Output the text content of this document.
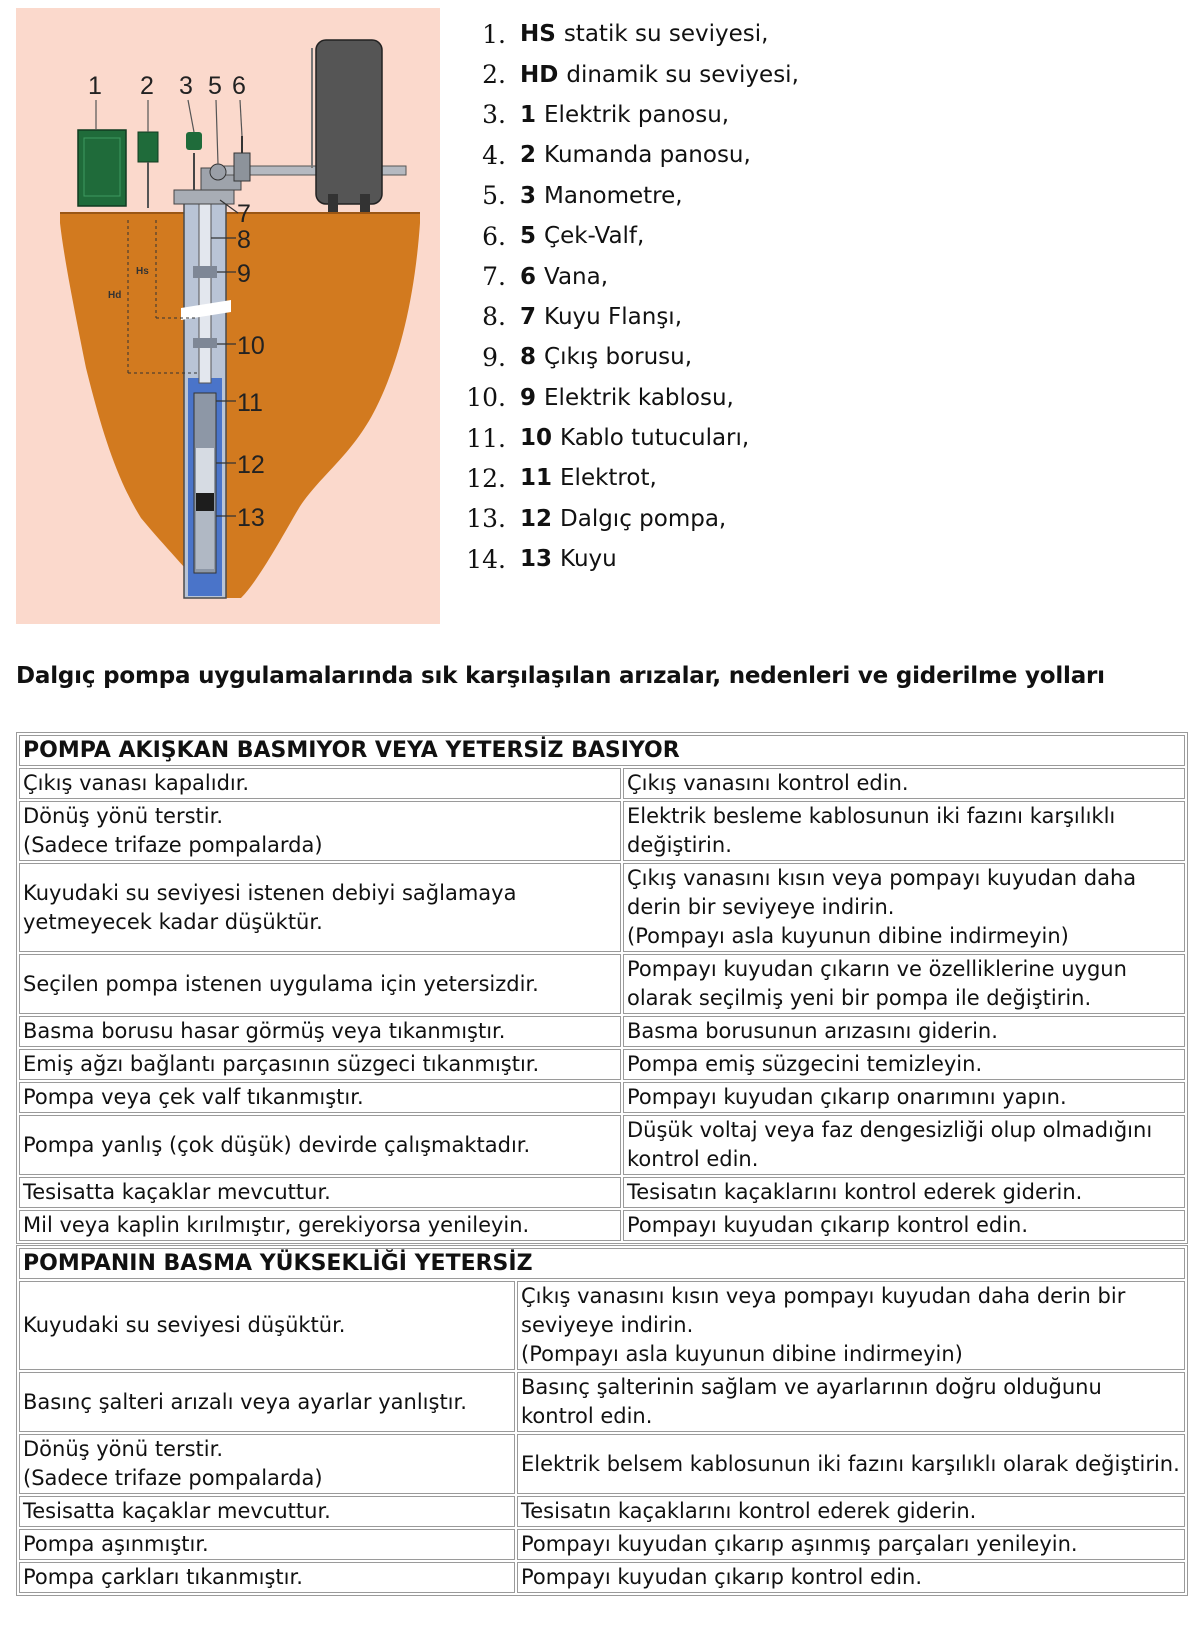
1 2 3 5 6
7
8
9
10
11
12
13
Hs
Hd
1. HS statik su seviyesi,
2. HD dinamik su seviyesi,
3. 1 Elektrik panosu,
4. 2 Kumanda panosu,
5. 3 Manometre,
6. 5 Çek-Valf,
7. 6 Vana,
8. 7 Kuyu Flanşı,
9. 8 Çıkış borusu,
10. 9 Elektrik kablosu,
11. 10 Kablo tutucuları,
12. 11 Elektrot,
13. 12 Dalgıç pompa,
14. 13 Kuyu
Dalgıç pompa uygulamalarında sık karşılaşılan arızalar, nedenleri ve giderilme yolları
POMPA AKIŞKAN BASMIYOR VEYA YETERSİZ BASIYOR	
Çıkış vanası kapalıdır.	Çıkış vanasını kontrol edin.
Dönüş yönü terstir.
(Sadece trifaze pompalarda)	Elektrik besleme kablosunun iki fazını karşılıklı değiştirin.
Kuyudaki su seviyesi istenen debiyi sağlamaya yetmeyecek kadar düşüktür.	Çıkış vanasını kısın veya pompayı kuyudan daha derin bir seviyeye indirin.
(Pompayı asla kuyunun dibine indirmeyin)
Seçilen pompa istenen uygulama için yetersizdir.	Pompayı kuyudan çıkarın ve özelliklerine uygun olarak seçilmiş yeni bir pompa ile değiştirin.
Basma borusu hasar görmüş veya tıkanmıştır.	Basma borusunun arızasını giderin.
Emiş ağzı bağlantı parçasının süzgeci tıkanmıştır.	Pompa emiş süzgecini temizleyin.
Pompa veya çek valf tıkanmıştır.	Pompayı kuyudan çıkarıp onarımını yapın.
Pompa yanlış (çok düşük) devirde çalışmaktadır.	Düşük voltaj veya faz dengesizliği olup olmadığını kontrol edin.
Tesisatta kaçaklar mevcuttur.	Tesisatın kaçaklarını kontrol ederek giderin.
Mil veya kaplin kırılmıştır, gerekiyorsa yenileyin.	Pompayı kuyudan çıkarıp kontrol edin.
POMPANIN BASMA YÜKSEKLİĞİ YETERSİZ	
Kuyudaki su seviyesi düşüktür.	Çıkış vanasını kısın veya pompayı kuyudan daha derin bir seviyeye indirin.
(Pompayı asla kuyunun dibine indirmeyin)
Basınç şalteri arızalı veya ayarlar yanlıştır.	Basınç şalterinin sağlam ve ayarlarının doğru olduğunu kontrol edin.
Dönüş yönü terstir.
(Sadece trifaze pompalarda)	Elektrik belsem kablosunun iki fazını karşılıklı olarak değiştirin.
Tesisatta kaçaklar mevcuttur.	Tesisatın kaçaklarını kontrol ederek giderin.
Pompa aşınmıştır.	Pompayı kuyudan çıkarıp aşınmış parçaları yenileyin.
Pompa çarkları tıkanmıştır.	Pompayı kuyudan çıkarıp kontrol edin.
